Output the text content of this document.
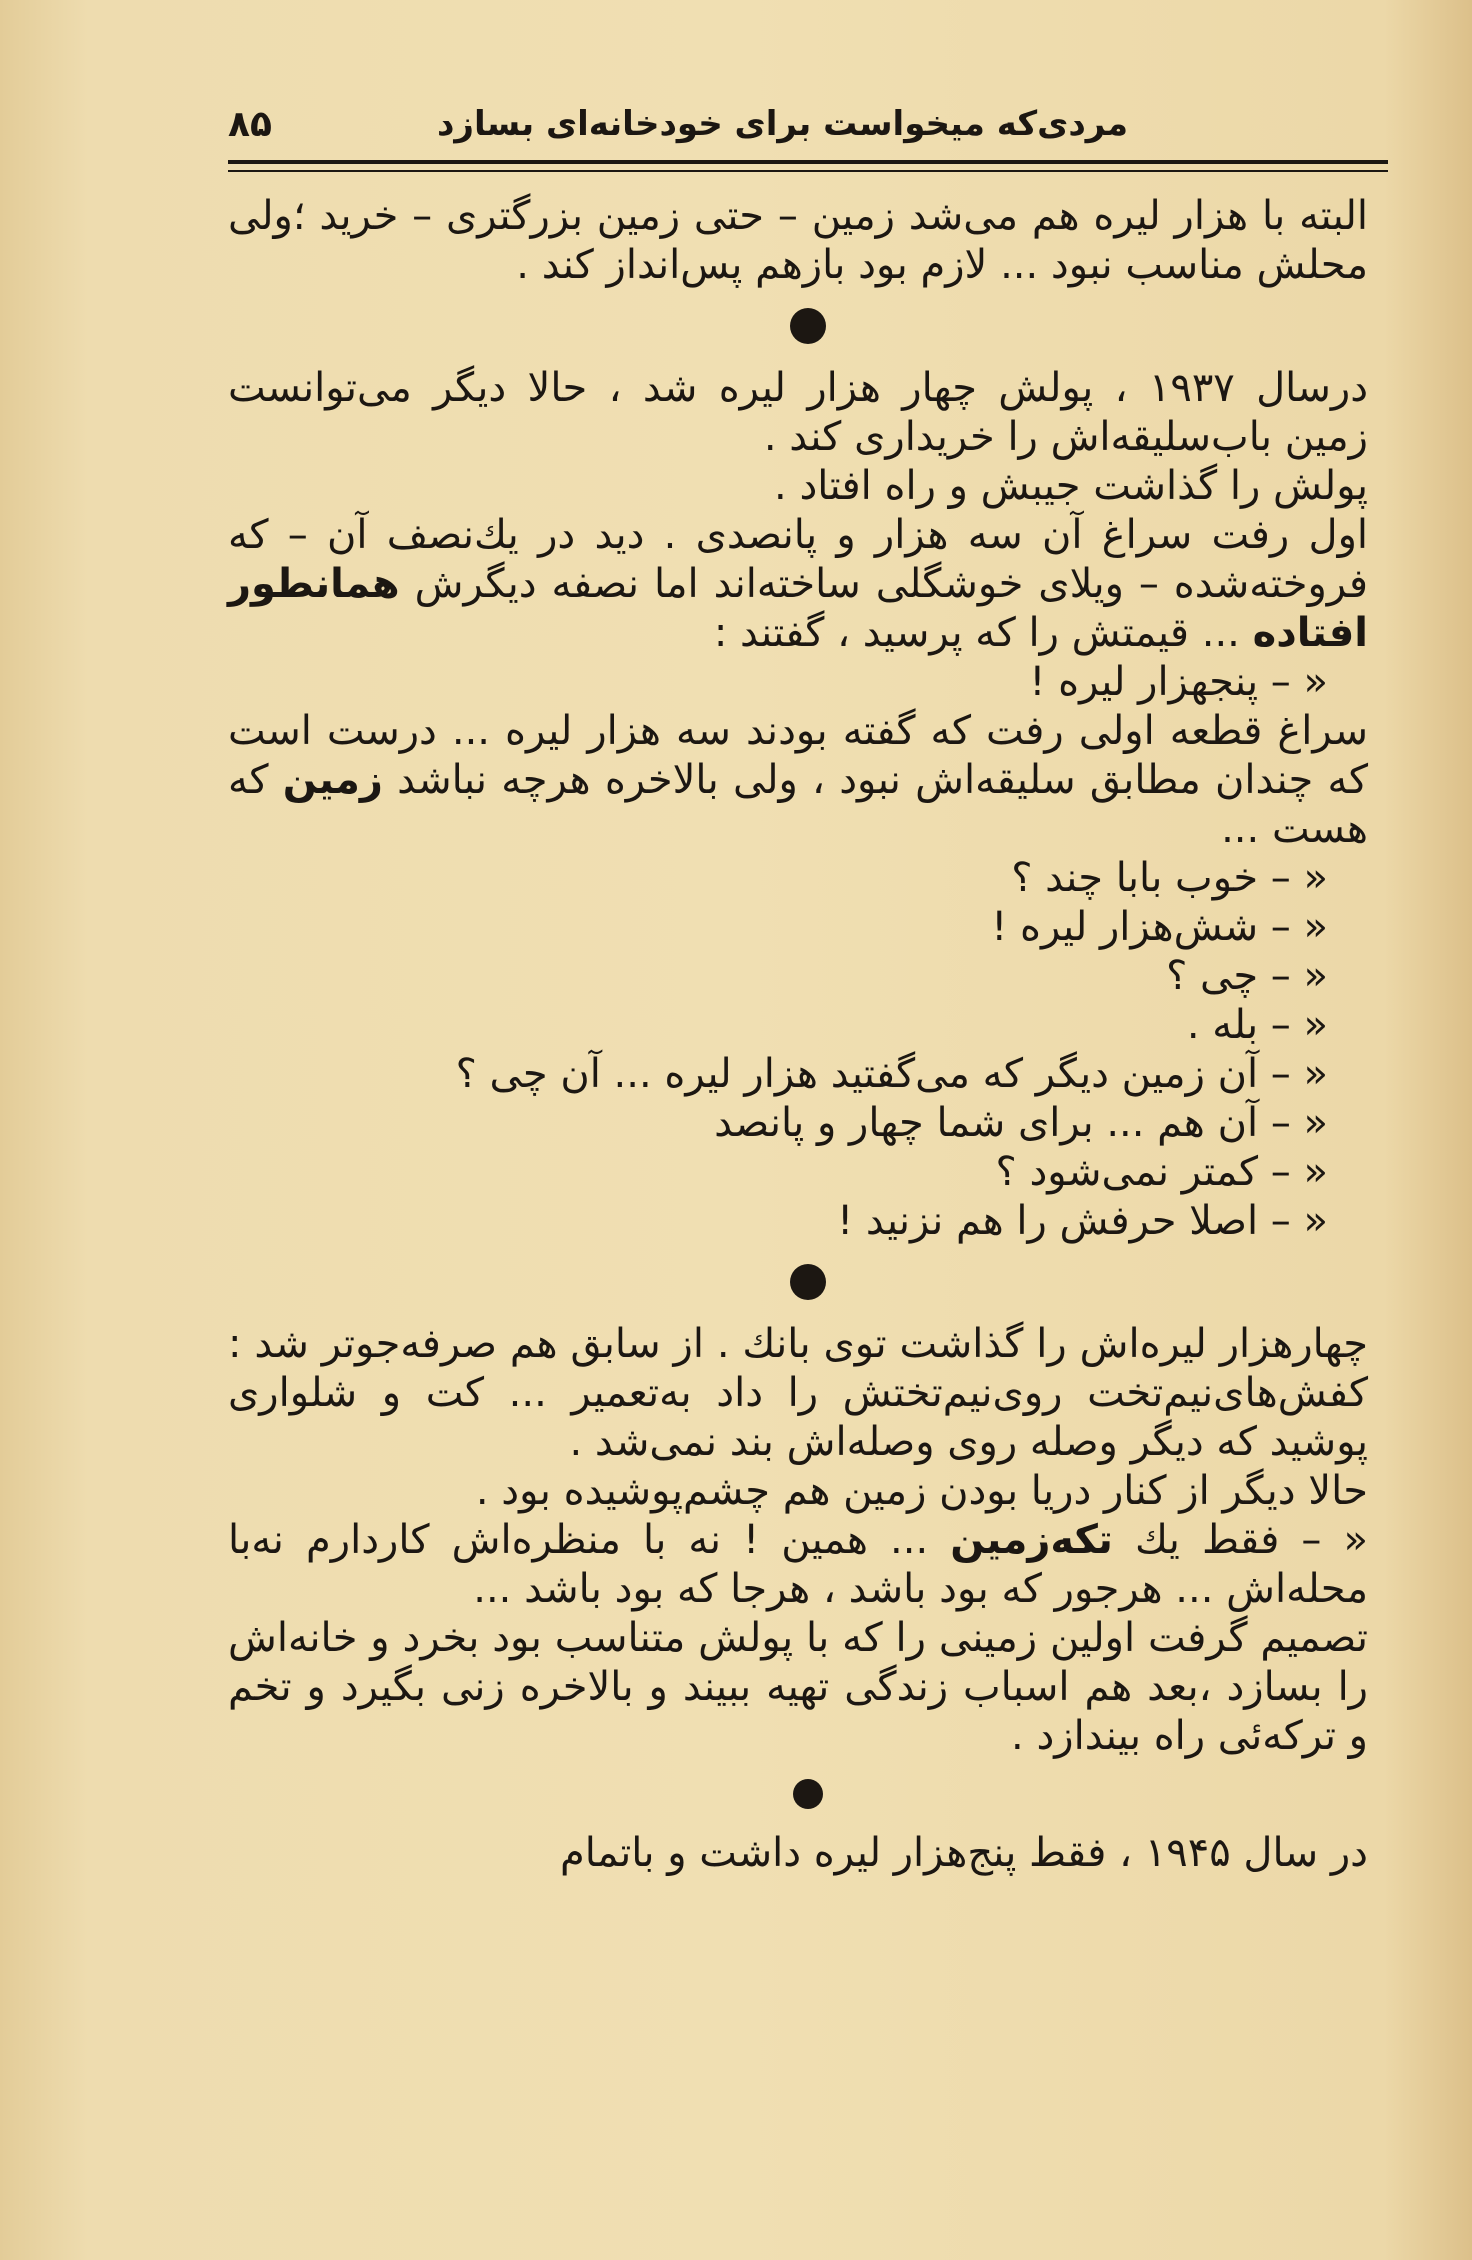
مردی‌که میخواست برای خودخانه‌ای بسازد
۸۵

البته با هزار لیره هم می‌شد زمین – حتی زمین بزرگتری – خرید ؛ولی محلش مناسب نبود ... لازم بود بازهم پس‌انداز کند .

درسال ۱۹۳۷ ، پولش چهار هزار لیره شد ، حالا دیگر می‌توانست زمین باب‌سلیقه‌اش را خریداری کند .

پولش را گذاشت جیبش و راه افتاد .

اول رفت سراغ آن سه هزار و پانصدی . دید در یك‌نصف آن – كه فروخته‌شده – ویلای خوشگلی ساخته‌اند اما نصفه دیگرش همانطور افتاده ... قیمتش را که پرسید ، گفتند :

« – پنجهزار لیره !

سراغ قطعه اولی رفت که گفته بودند سه هزار لیره ... درست است که چندان مطابق سلیقه‌اش نبود ، ولی بالاخره هرچه نباشد زمین که هست ...

« – خوب بابا چند ؟

« – شش‌هزار لیره !

« – چی ؟

« – بله .

« – آن زمین دیگر که می‌گفتید هزار لیره ... آن چی ؟

« – آن هم ... برای شما چهار و پانصد

« – کمتر نمی‌شود ؟

« – اصلا حرفش را هم نزنید !

چهارهزار لیره‌اش را گذاشت توی بانك . از سابق هم صرفه‌جوتر شد : کفش‌های‌نیم‌تخت روی‌نیم‌تختش را داد به‌تعمیر ... کت و شلواری پوشید که دیگر وصله روی وصله‌اش بند نمی‌شد .

حالا دیگر از کنار دریا بودن زمین هم چشم‌پوشیده بود .

« – فقط یك تکه‌زمین ... همین ! نه با منظره‌اش کاردارم نه‌با محله‌اش ... هرجور که بود باشد ، هرجا که بود باشد ...

تصمیم گرفت اولین زمینی را که با پولش متناسب بود بخرد و خانه‌اش را بسازد ،بعد هم اسباب زندگی تهیه ببیند و بالاخره زنی بگیرد و تخم و ترکه‌ئی راه بیندازد .

در سال ۱۹۴۵ ، فقط پنج‌هزار لیره داشت و باتمام
